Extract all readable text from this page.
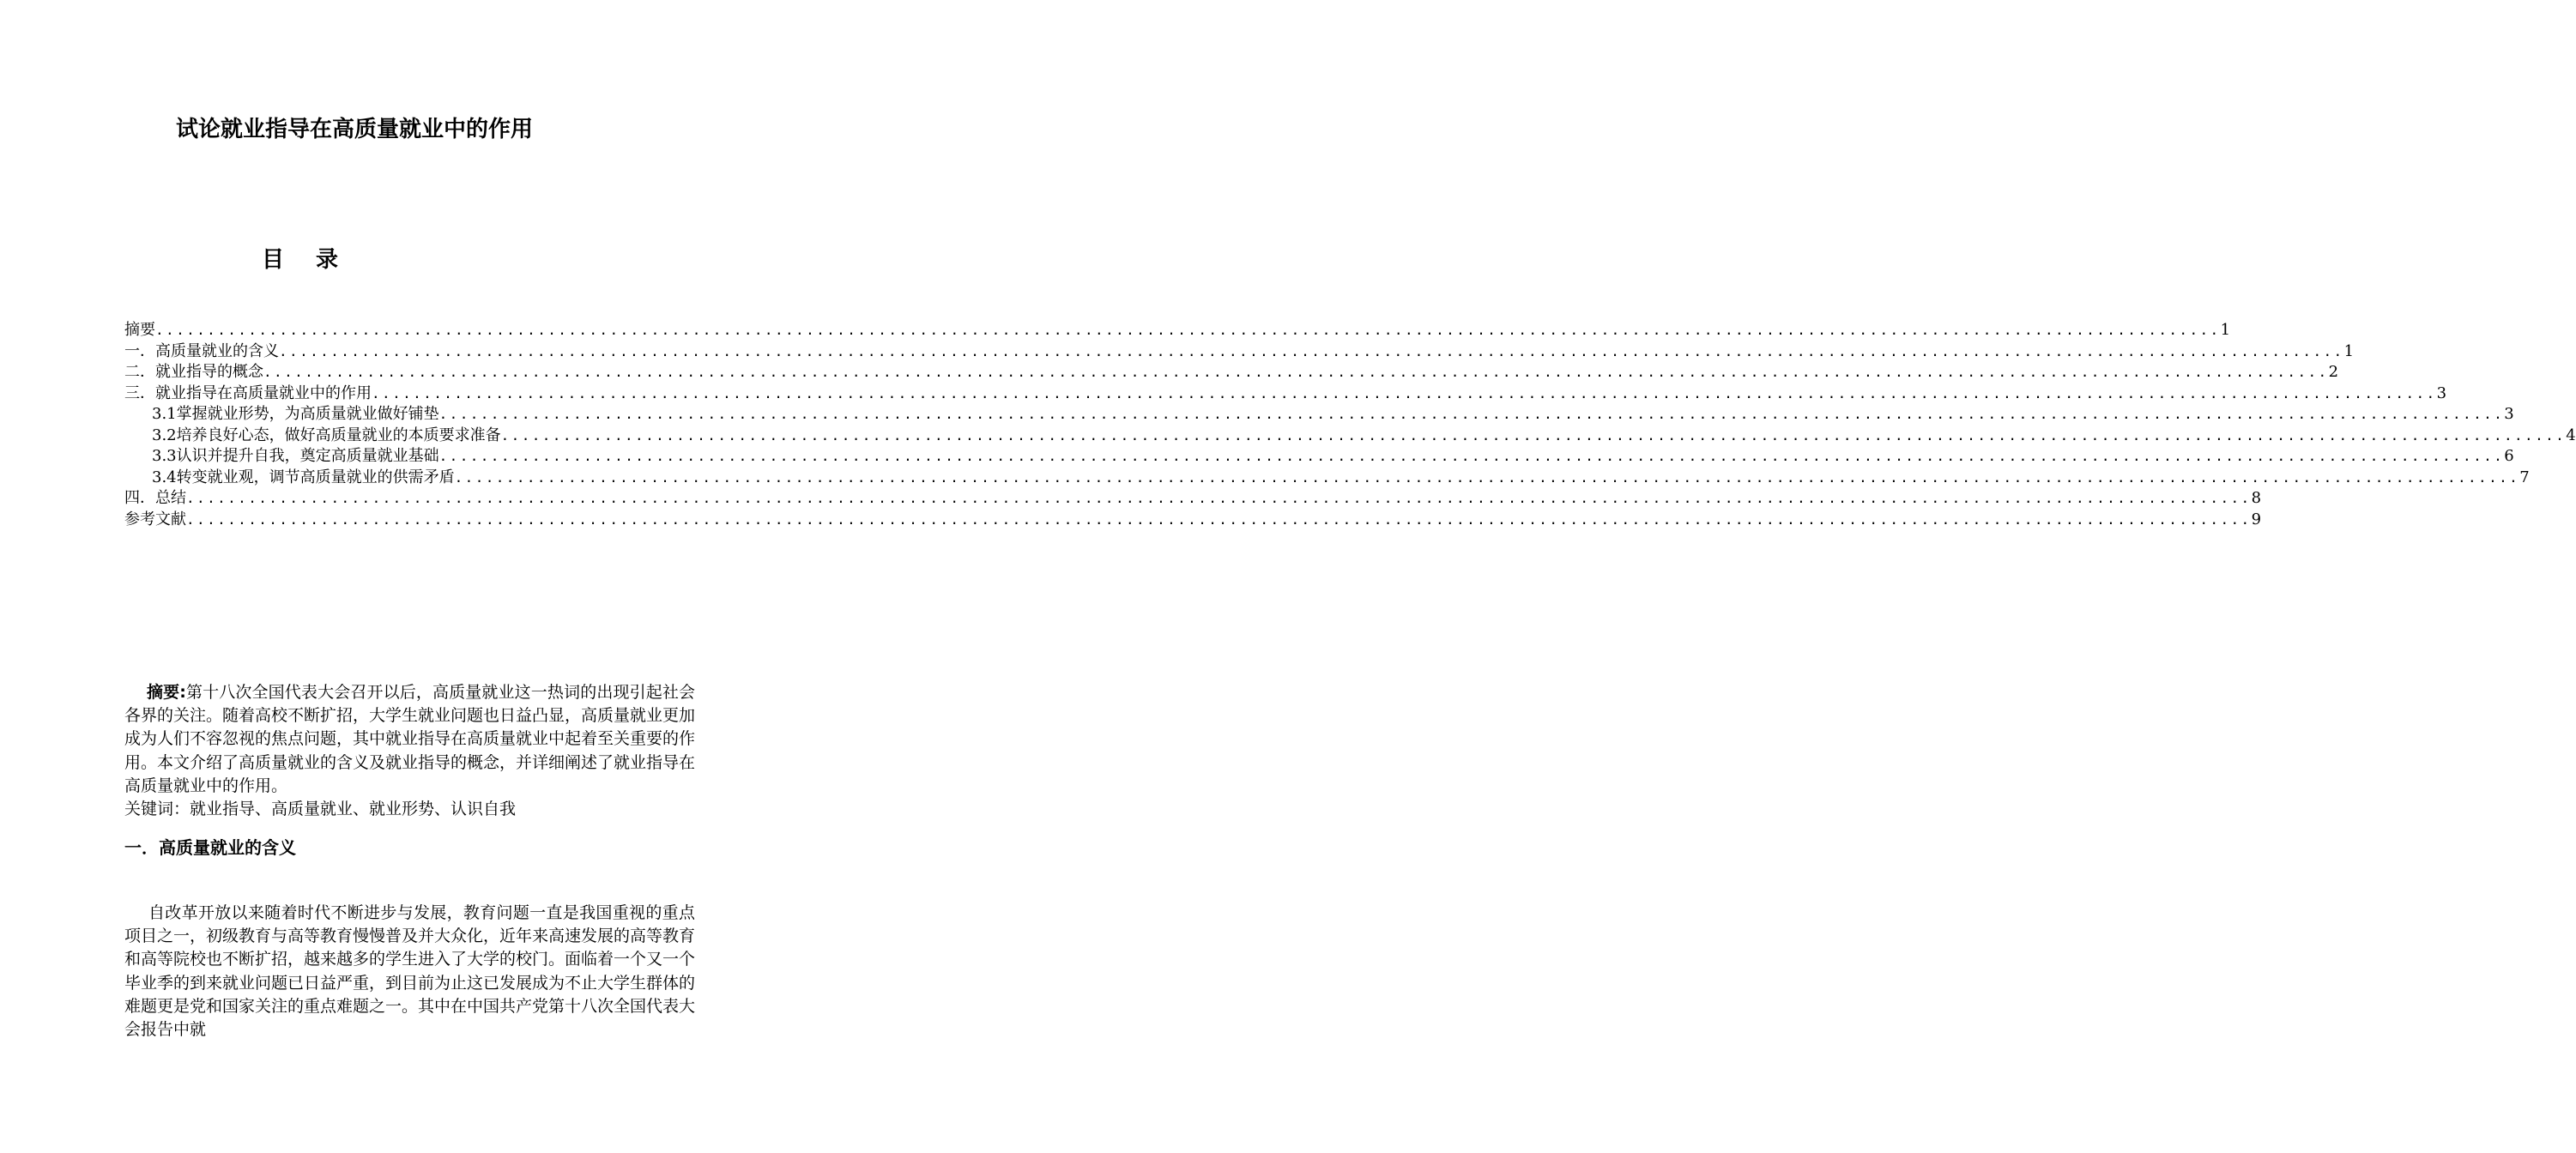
试论就业指导在高质量就业中的作用
目 录
摘要 ........................................................................................................................................................................................................ 1
一．高质量就业的含义 ........................................................................................................................................................................................................ 1
二．就业指导的概念 ........................................................................................................................................................................................................ 2
三．就业指导在高质量就业中的作用 ........................................................................................................................................................................................................ 3
3.1掌握就业形势，为高质量就业做好铺垫 ........................................................................................................................................................................................................ 3
3.2培养良好心态，做好高质量就业的本质要求准备 ........................................................................................................................................................................................................ 4
3.3认识并提升自我，奠定高质量就业基础 ........................................................................................................................................................................................................ 6
3.4转变就业观，调节高质量就业的供需矛盾 ........................................................................................................................................................................................................ 7
四．总结 ........................................................................................................................................................................................................ 8
参考文献 ........................................................................................................................................................................................................ 9
摘要:第十八次全国代表大会召开以后，高质量就业这一热词的出现引起社会各界的关注。随着高校不断扩招，大学生就业问题也日益凸显，高质量就业更加成为人们不容忽视的焦点问题，其中就业指导在高质量就业中起着至关重要的作用。本文介绍了高质量就业的含义及就业指导的概念，并详细阐述了就业指导在高质量就业中的作用。
关键词：就业指导、高质量就业、就业形势、认识自我
一．高质量就业的含义
自改革开放以来随着时代不断进步与发展，教育问题一直是我国重视的重点项目之一，初级教育与高等教育慢慢普及并大众化，近年来高速发展的高等教育和高等院校也不断扩招，越来越多的学生进入了大学的校门。面临着一个又一个毕业季的到来就业问题已日益严重，到目前为止这已发展成为不止大学生群体的难题更是党和国家关注的重点难题之一。其中在中国共产党第十八次全国代表大会报告中就
